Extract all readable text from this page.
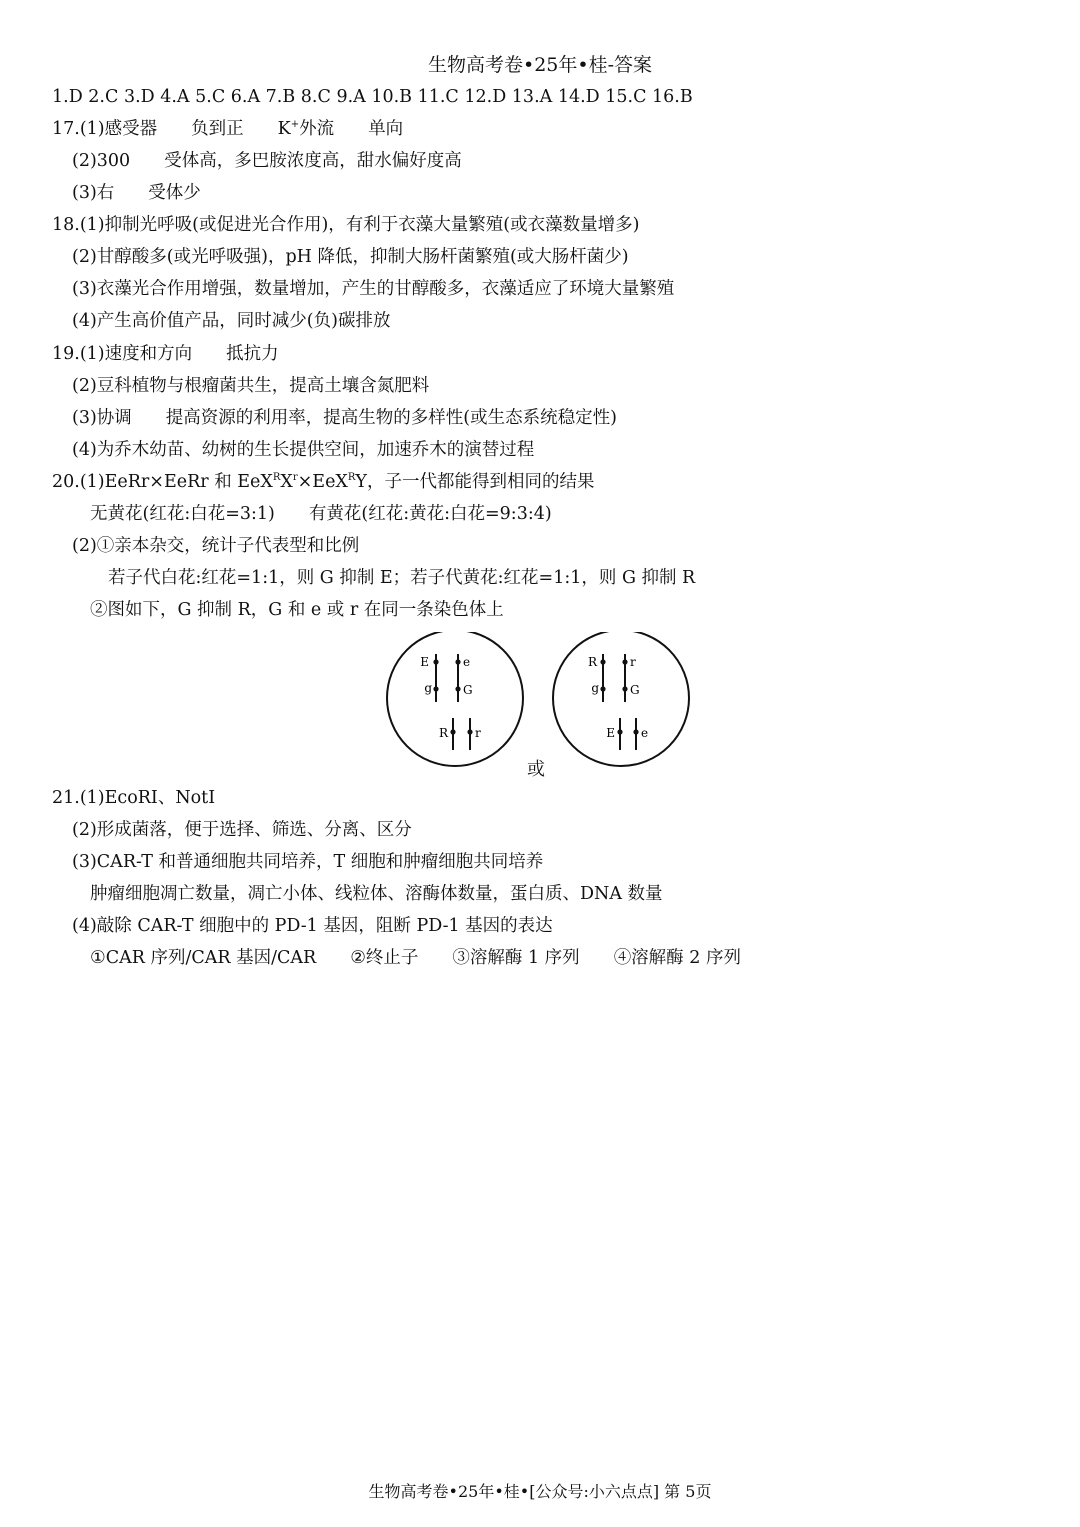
生物高考卷•25年•桂-答案
1.D 2.C 3.D 4.A 5.C 6.A 7.B 8.C 9.A 10.B 11.C 12.D 13.A 14.D 15.C 16.B
17.(1)感受器 负到正 K+外流 单向
(2)300 受体高，多巴胺浓度高，甜水偏好度高
(3)右 受体少
18.(1)抑制光呼吸(或促进光合作用)，有利于衣藻大量繁殖(或衣藻数量增多)
(2)甘醇酸多(或光呼吸强)，pH 降低，抑制大肠杆菌繁殖(或大肠杆菌少)
(3)衣藻光合作用增强，数量增加，产生的甘醇酸多，衣藻适应了环境大量繁殖
(4)产生高价值产品，同时减少(负)碳排放
19.(1)速度和方向 抵抗力
(2)豆科植物与根瘤菌共生，提高土壤含氮肥料
(3)协调 提高资源的利用率，提高生物的多样性(或生态系统稳定性)
(4)为乔木幼苗、幼树的生长提供空间，加速乔木的演替过程
20.(1)EeRr×EeRr 和 $EeX^RX^r\times EeX^RY$，子一代都能得到相同的结果
无黄花(红花:白花=3:1) 有黄花(红花:黄花:白花=9:3:4)
(2)①亲本杂交，统计子代表型和比例
若子代白花:红花=1:1，则 G 抑制 E；若子代黄花:红花=1:1，则 G 抑制 R
②图如下，G 抑制 R，G 和 e 或 r 在同一条染色体上
E	e
g	G
R r
R	r
g	G
E e
或
21.(1)EcoRⅠ、NotⅠ
(2)形成菌落，便于选择、筛选、分离、区分
(3)CAR-T 和普通细胞共同培养，T 细胞和肿瘤细胞共同培养
肿瘤细胞凋亡数量，凋亡小体、线粒体、溶酶体数量，蛋白质、DNA 数量
(4)敲除 CAR-T 细胞中的 PD-1 基因，阻断 PD-1 基因的表达
①CAR 序列/CAR 基因/CAR ②终止子 ③溶解酶 1 序列 ④溶解酶 2 序列
生物高考卷•25年•桂•[公众号:小六点点] 第 5页
